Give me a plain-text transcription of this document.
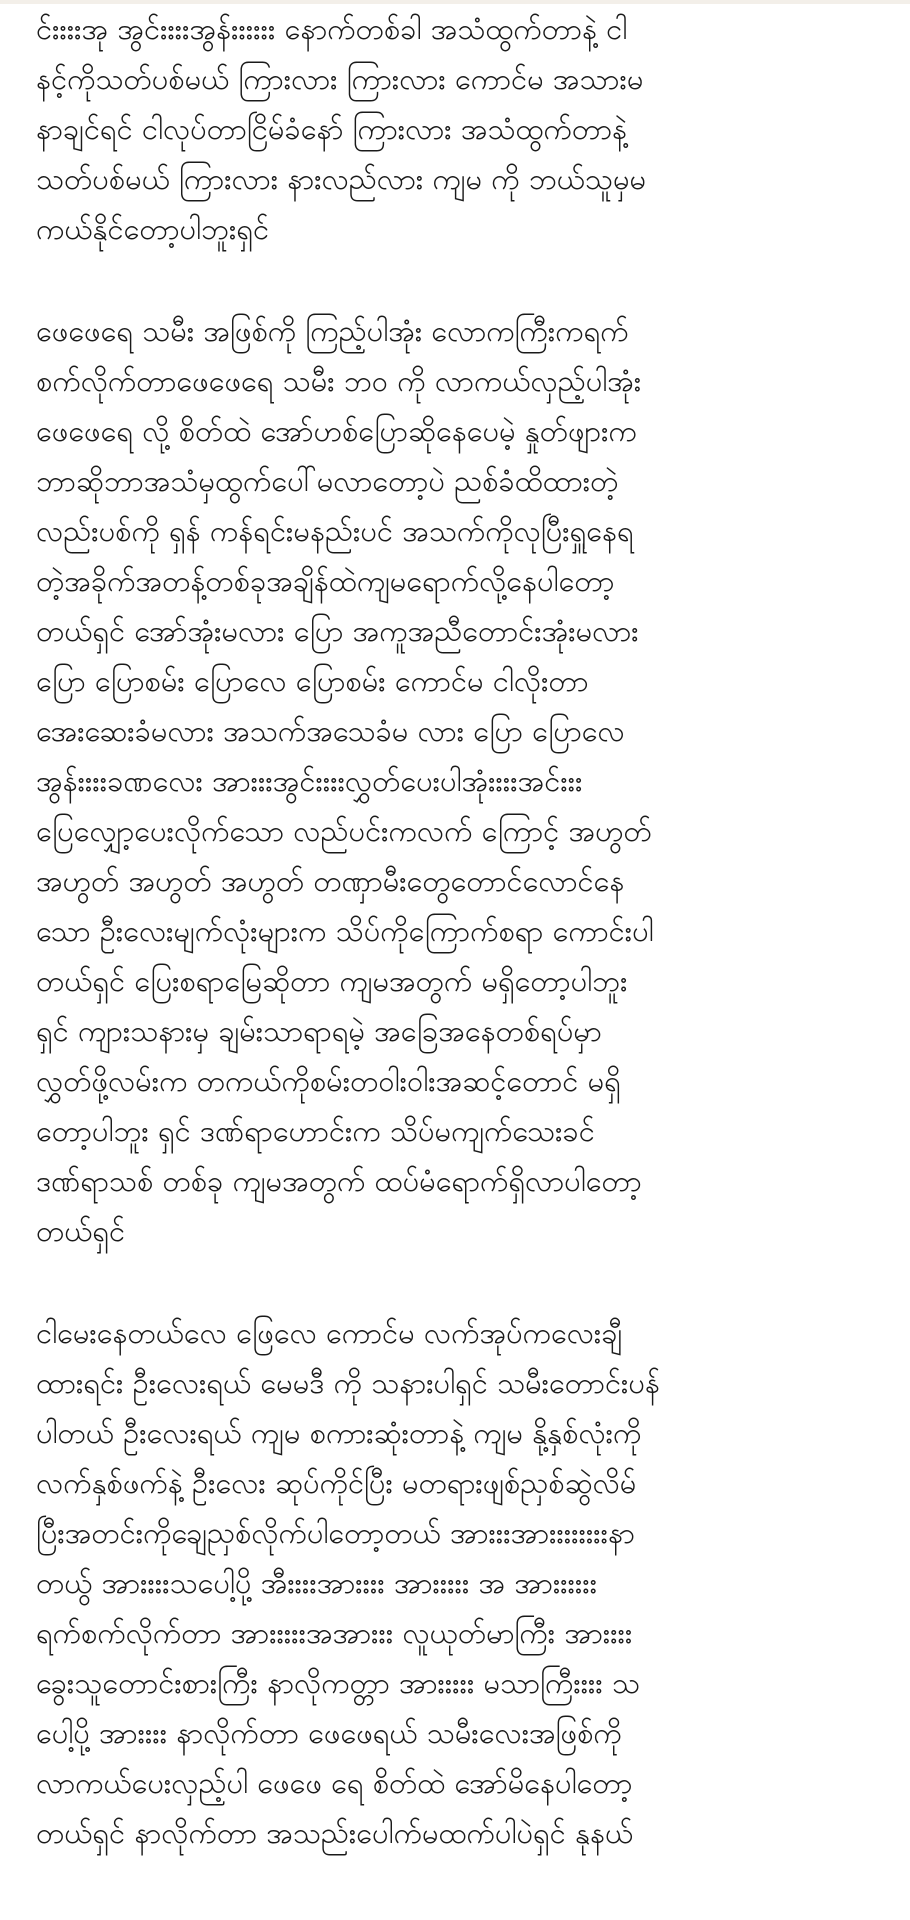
င်းးးးအု အွင်းးးးအွန်းးးးးး နောက်တစ်ခါ အသံထွက်တာနဲ့ ငါ
နင့်ကိုသတ်ပစ်မယ် ကြားလား ကြားလား ကောင်မ အသားမ
နာချင်ရင် ငါလုပ်တာငြိမ်ခံနော် ကြားလား အသံထွက်တာနဲ့
သတ်ပစ်မယ် ကြားလား နားလည်လား ကျမ ကို ဘယ်သူမှမ
ကယ်နိုင်တော့ပါဘူးရှင်
ဖေဖေရေ သမီး အဖြစ်ကို ကြည့်ပါအုံး လောကကြီးကရက်
စက်လိုက်တာဖေဖေရေ သမီး ဘဝ ကို လာကယ်လှည့်ပါအုံး
ဖေဖေရေ လို့ စိတ်ထဲ အော်ဟစ်ပြောဆိုနေပေမဲ့ နှုတ်ဖျားက
ဘာဆိုဘာအသံမှထွက်ပေါ်မလာတော့ပဲ ညစ်ခံထိထားတဲ့
လည်းပစ်ကို ရှန် ကန်ရင်းမနည်းပင် အသက်ကိုလုပြီးရှူနေရ
တဲ့အခိုက်အတန့်တစ်ခုအချိန်ထဲကျမရောက်လို့နေပါတော့
တယ်ရှင် အော်အုံးမလား ပြော အကူအညီတောင်းအုံးမလား
ပြော ပြောစမ်း ပြောလေ ပြောစမ်း ကောင်မ ငါလိုးတာ
အေးဆေးခံမလား အသက်အသေခံမ လား ပြော ပြောလေ
အွန်းးးးခဏလေး အားးးအွင်းးးးလွှတ်ပေးပါအုံးးးးအင်းးး
ပြေလျှော့ပေးလိုက်သော လည်ပင်းကလက် ကြောင့် အဟွတ်
အဟွတ် အဟွတ် အဟွတ် တဏှာမီးတွေတောင်လောင်နေ
သော ဦးလေးမျက်လုံးများက သိပ်ကိုကြောက်စရာ ကောင်းပါ
တယ်ရှင် ပြေးစရာမြေဆိုတာ ကျမအတွက် မရှိတော့ပါဘူး
ရှင် ကျားသနားမှ ချမ်းသာရာရမဲ့ အခြေအနေတစ်ရပ်မှာ
လွှတ်ဖို့လမ်းက တကယ်ကိုစမ်းတဝါးဝါးအဆင့်တောင် မရှိ
တော့ပါဘူး ရှင် ဒဏ်ရာဟောင်းက သိပ်မကျက်သေးခင်
ဒဏ်ရာသစ် တစ်ခု ကျမအတွက် ထပ်မံရောက်ရှိလာပါတော့
တယ်ရှင်
ငါမေးနေတယ်လေ ဖြေလေ ကောင်မ လက်အုပ်ကလေးချီ
ထားရင်း ဦးလေးရယ် မေမဒီ ကို သနားပါရှင် သမီးတောင်းပန်
ပါတယ် ဦးလေးရယ် ကျမ စကားဆုံးတာနဲ့ ကျမ နို့နှစ်လုံးကို
လက်နှစ်ဖက်နဲ့ ဦးလေး ဆုပ်ကိုင်ပြီး မတရားဖျစ်ညှစ်ဆွဲလိမ်
ပြီးအတင်းကိုချေညှစ်လိုက်ပါတော့တယ် အားးးအားးးးးးးးနာ
တယ်ွ အားးးးသပေါ့ပို့ အီးးးးအားးးး အားးးးး အ အားးးးးး
ရက်စက်လိုက်တာ အားးးးးအအားးး လူယုတ်မာကြီး အားးးး
ခွေးသူတောင်းစားကြီး နာလိုကတ္တာ အားးးးး မသာကြီးးးး သ
ပေါ့ပို့ အားးးး နာလိုက်တာ ဖေဖေရယ် သမီးလေးအဖြစ်ကို
လာကယ်ပေးလှည့်ပါ ဖေဖေ ရေ စိတ်ထဲ အော်မိနေပါတော့
တယ်ရှင် နာလိုက်တာ အသည်းပေါက်မထက်ပါပဲရှင် နုနယ်
